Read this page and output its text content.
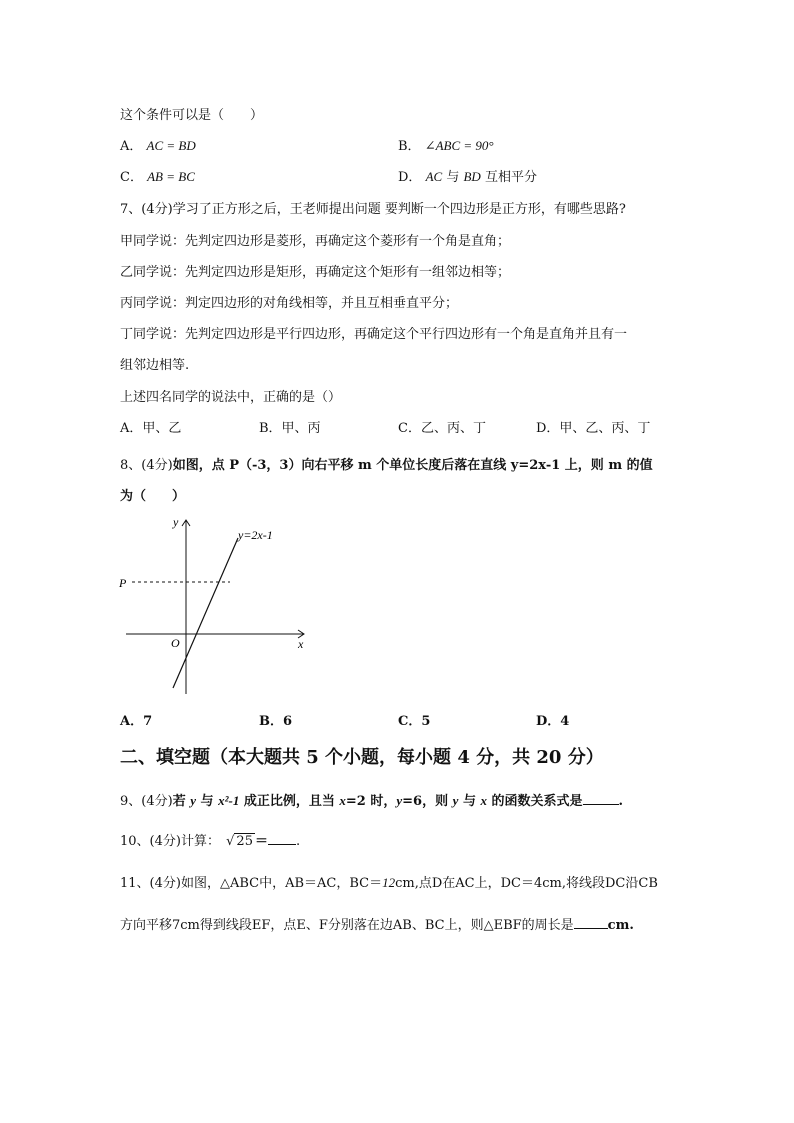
这个条件可以是（　　）
A． AC = BD	B． ∠ABC = 90°
C． AB = BC	D． AC 与 BD 互相平分
7、(4分)学习了正方形之后，王老师提出问题 要判断一个四边形是正方形，有哪些思路?
甲同学说：先判定四边形是菱形，再确定这个菱形有一个角是直角；
乙同学说：先判定四边形是矩形，再确定这个矩形有一组邻边相等；
丙同学说：判定四边形的对角线相等，并且互相垂直平分；
丁同学说：先判定四边形是平行四边形，再确定这个平行四边形有一个角是直角并且有一
组邻边相等.
上述四名同学的说法中，正确的是（）
A．甲、乙	B．甲、丙	C．乙、丙、丁	D．甲、乙、丙、丁
8、(4分)如图，点 P（-3，3）向右平移 m 个单位长度后落在直线 y=2x-1 上，则 m 的值
为（　　）
y
x
O
P
y=2x-1
A．7	B．6	C．5	D．4
二、填空题（本大题共 5 个小题，每小题 4 分，共 20 分）
9、(4分)若 y 与 x²-1 成正比例，且当 x=2 时，y=6，则 y 与 x 的函数关系式是	.
10、(4分)计算： √ 25 ＝ .
11、(4分)如图，△ABC中，AB＝AC，BC＝12cm,点D在AC上，DC＝4cm,将线段DC沿CB
方向平移7cm得到线段EF，点E、F分别落在边AB、BC上，则△EBF的周长是	cm.
